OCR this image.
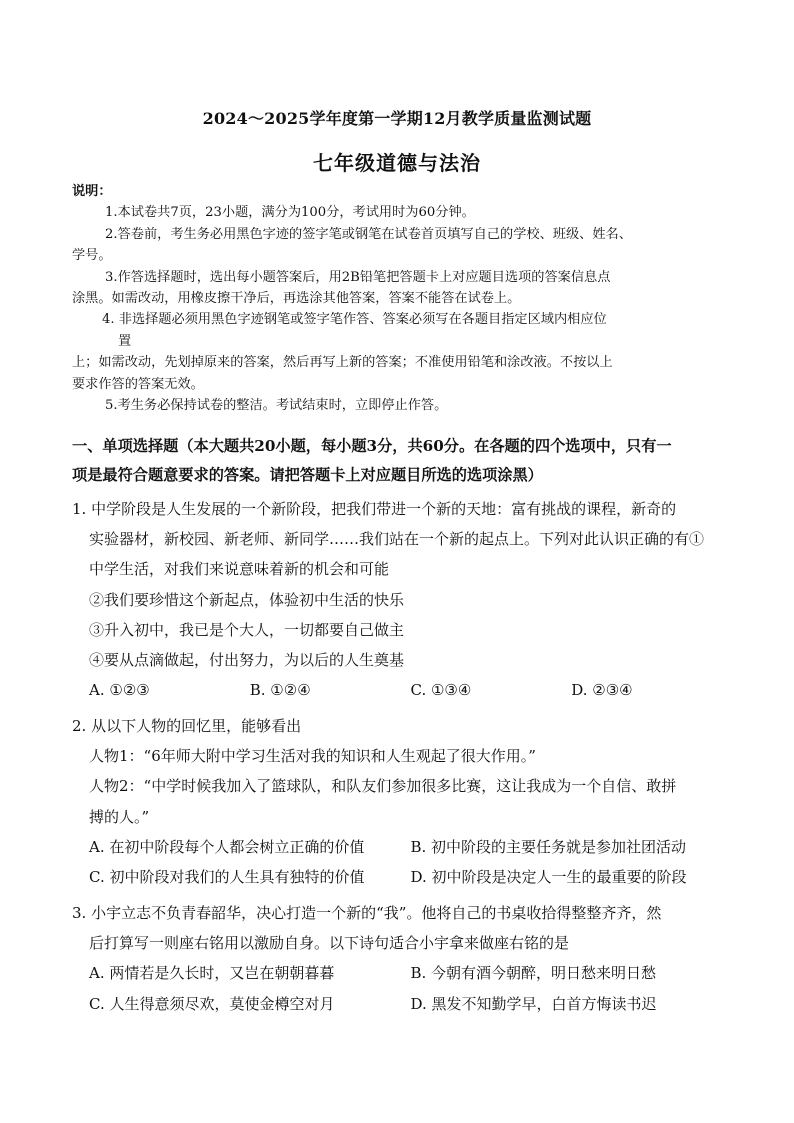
2024～2025学年度第一学期12月教学质量监测试题
七年级道德与法治
说明：
1.本试卷共7页，23小题，满分为100分，考试用时为60分钟。
2.答卷前，考生务必用黑色字迹的签字笔或钢笔在试卷首页填写自己的学校、班级、姓名、
学号。
3.作答选择题时，选出每小题答案后，用2B铅笔把答题卡上对应题目选项的答案信息点
涂黑。如需改动，用橡皮擦干净后，再选涂其他答案，答案不能答在试卷上。
4. 非选择题必须用黑色字迹钢笔或签字笔作答、答案必须写在各题目指定区域内相应位
置
上；如需改动，先划掉原来的答案，然后再写上新的答案；不准使用铅笔和涂改液。不按以上
要求作答的答案无效。
5.考生务必保持试卷的整洁。考试结束时，立即停止作答。
一、单项选择题（本大题共20小题，每小题3分，共60分。在各题的四个选项中，只有一
项是最符合题意要求的答案。请把答题卡上对应题目所选的选项涂黑）
1. 中学阶段是人生发展的一个新阶段，把我们带进一个新的天地：富有挑战的课程，新奇的
实验器材，新校园、新老师、新同学……我们站在一个新的起点上。下列对此认识正确的有①
中学生活，对我们来说意味着新的机会和可能
②我们要珍惜这个新起点，体验初中生活的快乐
③升入初中，我已是个大人，一切都要自己做主
④要从点滴做起，付出努力，为以后的人生奠基
A. ①②③	B. ①②④	C. ①③④	D. ②③④
2. 从以下人物的回忆里，能够看出
人物1：“6年师大附中学习生活对我的知识和人生观起了很大作用。”
人物2：“中学时候我加入了篮球队，和队友们参加很多比赛，这让我成为一个自信、敢拼
搏的人。”
A. 在初中阶段每个人都会树立正确的价值	B. 初中阶段的主要任务就是参加社团活动
C. 初中阶段对我们的人生具有独特的价值	D. 初中阶段是决定人一生的最重要的阶段
3. 小宇立志不负青春韶华，决心打造一个新的“我”。他将自己的书桌收拾得整整齐齐，然
后打算写一则座右铭用以激励自身。以下诗句适合小宇拿来做座右铭的是
A. 两情若是久长时，又岂在朝朝暮暮	B. 今朝有酒今朝醉，明日愁来明日愁
C. 人生得意须尽欢，莫使金樽空对月	D. 黑发不知勤学早，白首方悔读书迟
